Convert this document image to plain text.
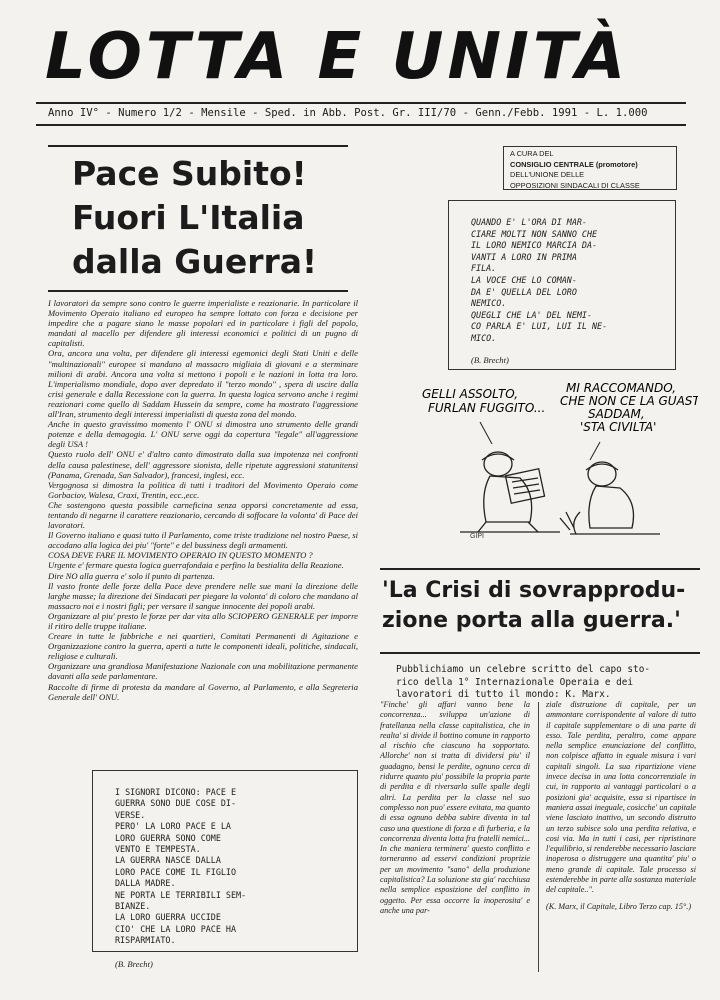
LOTTA E UNITÀ
Anno IV° - Numero 1/2 - Mensile - Sped. in Abb. Post. Gr. III/70 - Genn./Febb. 1991 - L. 1.000
Pace Subito!
Fuori L'Italia
dalla Guerra!
A CURA DEL
CONSIGLIO CENTRALE (promotore)
DELL'UNIONE DELLE
OPPOSIZIONI SINDACALI DI CLASSE
QUANDO E' L'ORA DI MAR-
CIARE MOLTI NON SANNO CHE
IL LORO NEMICO MARCIA DA-
VANTI A LORO IN PRIMA
FILA.
LA VOCE CHE LO COMAN-
DA E' QUELLA DEL LORO
NEMICO.
QUEGLI CHE LA' DEL NEMI-
CO PARLA E' LUI, LUI IL NE-
MICO.
(B. Brecht)

I lavoratori da sempre sono contro le guerre imperialiste e reazionarie. In particolare il Movimento Operaio italiano ed europeo ha sempre lottato con forza e decisione per impedire che a pagare siano le masse popolari ed in particolare i figli del popolo, mandati al macello per difendere gli interessi economici e politici di un pugno di capitalisti.

Ora, ancora una volta, per difendere gli interessi egemonici degli Stati Uniti e delle "multinazionali" europee si mandano al massacro migliaia di giovani e a sterminare milioni di arabi. Ancora una volta si mettono i popoli e le nazioni in lotta tra loro. L'imperialismo mondiale, dopo aver depredato il "terzo mondo" , spera di uscire dalla crisi generale e dalla Recessione con la guerra. In questa logica servono anche i regimi reazionari come quello di Saddam Hussein da sempre, come ha mostrato l'aggressione all'Iran, strumento degli interessi imperialisti di questa zona del mondo.

Anche in questo gravissimo momento l' ONU si dimostra uno strumento delle grandi potenze e della demagogia. L' ONU serve oggi da copertura "legale" all'aggressione degli USA !

Questo ruolo dell' ONU e' d'altro canto dimostrato dalla sua impotenza nei confronti della causa palestinese, dell' aggressore sionista, delle ripetute aggressioni statunitensi (Panama, Grenada, San Salvador), francesi, inglesi, ecc.

Vergognosa si dimostra la politica di tutti i traditori del Movimento Operaio come Gorbaciov, Walesa, Craxi, Trentin, ecc.,ecc.

Che sostengono questa possibile carneficina senza opporsi concretamente ad essa, tentando di negarne il carattere reazionario, cercando di soffocare la volonta' di Pace dei lavoratori.

Il Governo italiano e quasi tutto il Parlamento, come triste tradizione nel nostro Paese, si accodano alla logica dei piu' "forte" e del bussiness degli armamenti.

COSA DEVE FARE IL MOVIMENTO OPERAIO IN QUESTO MOMENTO ?

Urgente e' fermare questa logica guerrafondaia e perfino la bestialita della Reazione.

Dire NO alla guerra e' solo il punto di partenza.

Il vasto fronte delle forze della Pace deve prendere nelle sue mani la direzione delle larghe masse; la direzione dei Sindacati per piegare la volonta' di coloro che mandano al massacro noi e i nostri figli; per versare il sangue innocente dei popoli arabi.

Organizzare al piu' presto le forze per dar vita allo SCIOPERO GENERALE per imporre il ritiro delle truppe italiane.

Creare in tutte le fabbriche e nei quartieri, Comitati Permanenti di Agitazione e Organizzazione contro la guerra, aperti a tutte le componenti ideali, politiche, sindacali, religiose e culturali.

Organizzare una grandiosa Manifestazione Nazionale con una mobilitazione permanente davanti alla sede parlamentare.

Raccolte di firme di protesta da mandare al Governo, al Parlamento, e alla Segreteria Generale dell' ONU.

GELLI ASSOLTO, FURLAN FUGGITO...
MI RACCOMANDO, CHE NON CE LA GUASTI SADDAM, 'STA CIVILTA'
GIPI
'La Crisi di sovrapprodu-
zione porta alla guerra.'
Pubblichiamo un celebre scritto del capo sto-
rico della 1° Internazionale Operaia e dei
lavoratori di tutto il mondo: K. Marx.

"Finche' gli affari vanno bene la concorrenza... sviluppa un'azione di fratellanza nella classe capitalistica, che in realta' si divide il bottino comune in rapporto al rischio che ciascuno ha sopportato. Allorche' non si tratta di dividersi piu' il guadagno, bensi le perdite, ognuno cerca di ridurre quanto piu' possibile la propria parte di perdita e di riversarla sulle spalle degli altri. La perdita per la classe nel suo complesso non puo' essere evitata, ma quanto di essa ognuno debba subire diventa in tal caso una questione di forza e di furberia, e la concorrenza diventa lotta fra fratelli nemici... In che maniera terminera' questo conflitto e torneranno ad esservi condizioni proprizie per un movimento "sano" della produzione capitalistica? La soluzione sta gia' racchiusa nella semplice esposizione del conflitto in oggetto. Per essa occorre la inoperosita' e anche una par-

ziale distruzione di capitale, per un ammontare corrispondente al valore di tutto il capitale supplementare o di una parte di esso. Tale perdita, peraltro, come appare nella semplice enunciazione del conflitto, non colpisce affatto in eguale misura i vari capitali singoli. La sua ripartizione viene invece decisa in una lotta concorrenziale in cui, in rapporto ai vantaggi particolari o a posizioni gia' acquisite, essa si ripartisce in maniera assai ineguale, cosicche' un capitale viene lasciato inattivo, un secondo distrutto un terzo subisce solo una perdita relativa, e cosi via. Ma in tutti i casi, per ripristinare l'equilibrio, si renderebbe necessario lasciare inoperosa o distruggere una quantita' piu' o meno grande di capitale. Tale processo si estenderebbe in parte alla sostanza materiale del capitale..".

(K. Marx, il Capitale, Libro Terzo cap. 15°.)

I SIGNORI DICONO: PACE E
GUERRA SONO DUE COSE DI-
VERSE.
PERO' LA LORO PACE E LA
LORO GUERRA SONO COME
VENTO E TEMPESTA.
LA GUERRA NASCE DALLA
LORO PACE COME IL FIGLIO
DALLA MADRE.
NE PORTA LE TERRIBILI SEM-
BIANZE.
LA LORO GUERRA UCCIDE
CIO' CHE LA LORO PACE HA
RISPARMIATO.
(B. Brecht)
